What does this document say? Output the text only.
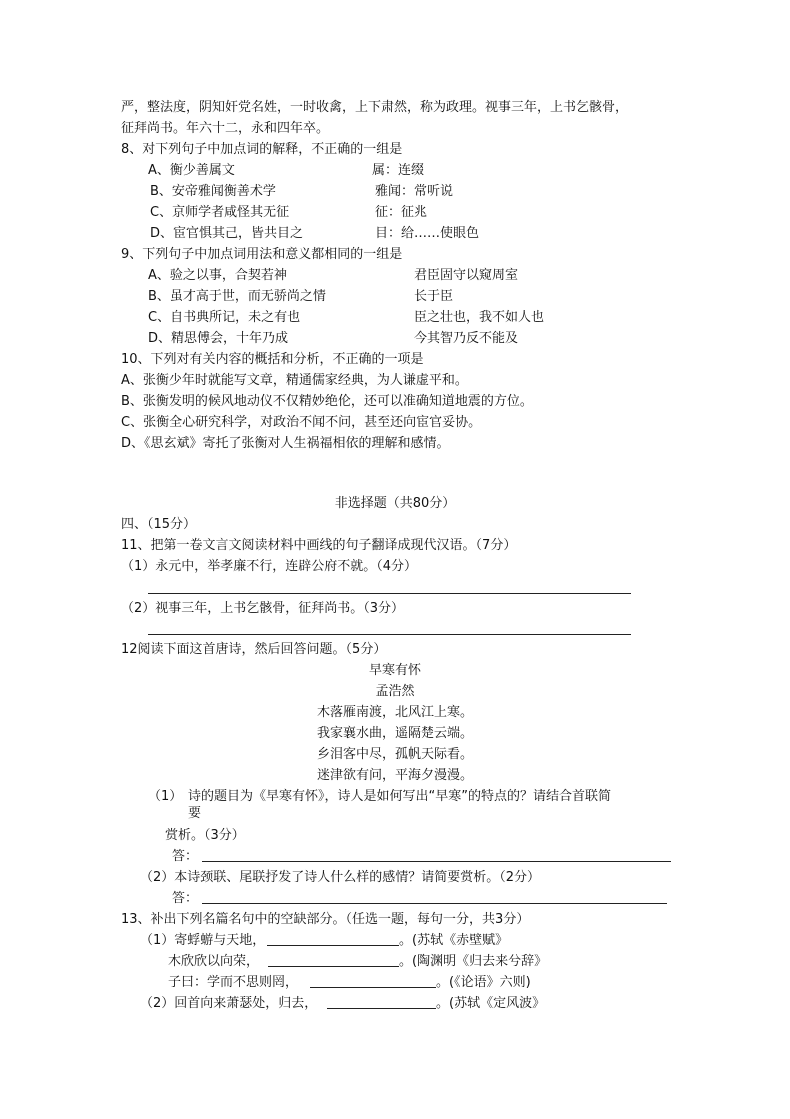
严，整法度，阴知奸党名姓，一时收禽，上下肃然，称为政理。视事三年，上书乞骸骨，
征拜尚书。年六十二，永和四年卒。
8、对下列句子中加点词的解释，不正确的一组是
A、衡少善属文	属：连缀
B、安帝雅闻衡善术学	雅闻：常听说
C、京师学者咸怪其无征	征：征兆
D、宦官惧其己，皆共目之	目：给……使眼色
9、下列句子中加点词用法和意义都相同的一组是
A、验之以事，合契若神	君臣固守以窥周室
B、虽才高于世，而无骄尚之情	长于臣
C、自书典所记，未之有也	臣之壮也，我不如人也
D、精思傅会，十年乃成	今其智乃反不能及
10、下列对有关内容的概括和分析，不正确的一项是
A、张衡少年时就能写文章，精通儒家经典，为人谦虚平和。
B、张衡发明的候风地动仪不仅精妙绝伦，还可以准确知道地震的方位。
C、张衡全心研究科学，对政治不闻不问，甚至还向宦官妥协。
D、《思玄斌》寄托了张衡对人生祸福相依的理解和感情。
非选择题（共80分）
四、（15分）
11、把第一卷文言文阅读材料中画线的句子翻译成现代汉语。（7分）
（1）永元中，举孝廉不行，连辟公府不就。（4分）
（2）视事三年，上书乞骸骨，征拜尚书。（3分）
12阅读下面这首唐诗，然后回答问题。（5分）
早寒有怀
孟浩然
木落雁南渡，北风江上寒。
我家襄水曲，遥隔楚云端。
乡泪客中尽，孤帆天际看。
迷津欲有问，平海夕漫漫。
（1） 诗的题目为《早寒有怀》，诗人是如何写出“早寒”的特点的？请结合首联简
要
赏析。（3分）
答：
（2）本诗颈联、尾联抒发了诗人什么样的感情？请简要赏析。（2分）
答：
13、补出下列名篇名句中的空缺部分。（任选一题，每句一分，共3分）
（1）寄蜉蝣与天地，	。(苏轼《赤壁赋》
木欣欣以向荣，	。(陶渊明《归去来兮辞》
子曰：学而不思则罔，	。(《论语》六则)
（2）回首向来萧瑟处，归去，	。(苏轼《定风波》
